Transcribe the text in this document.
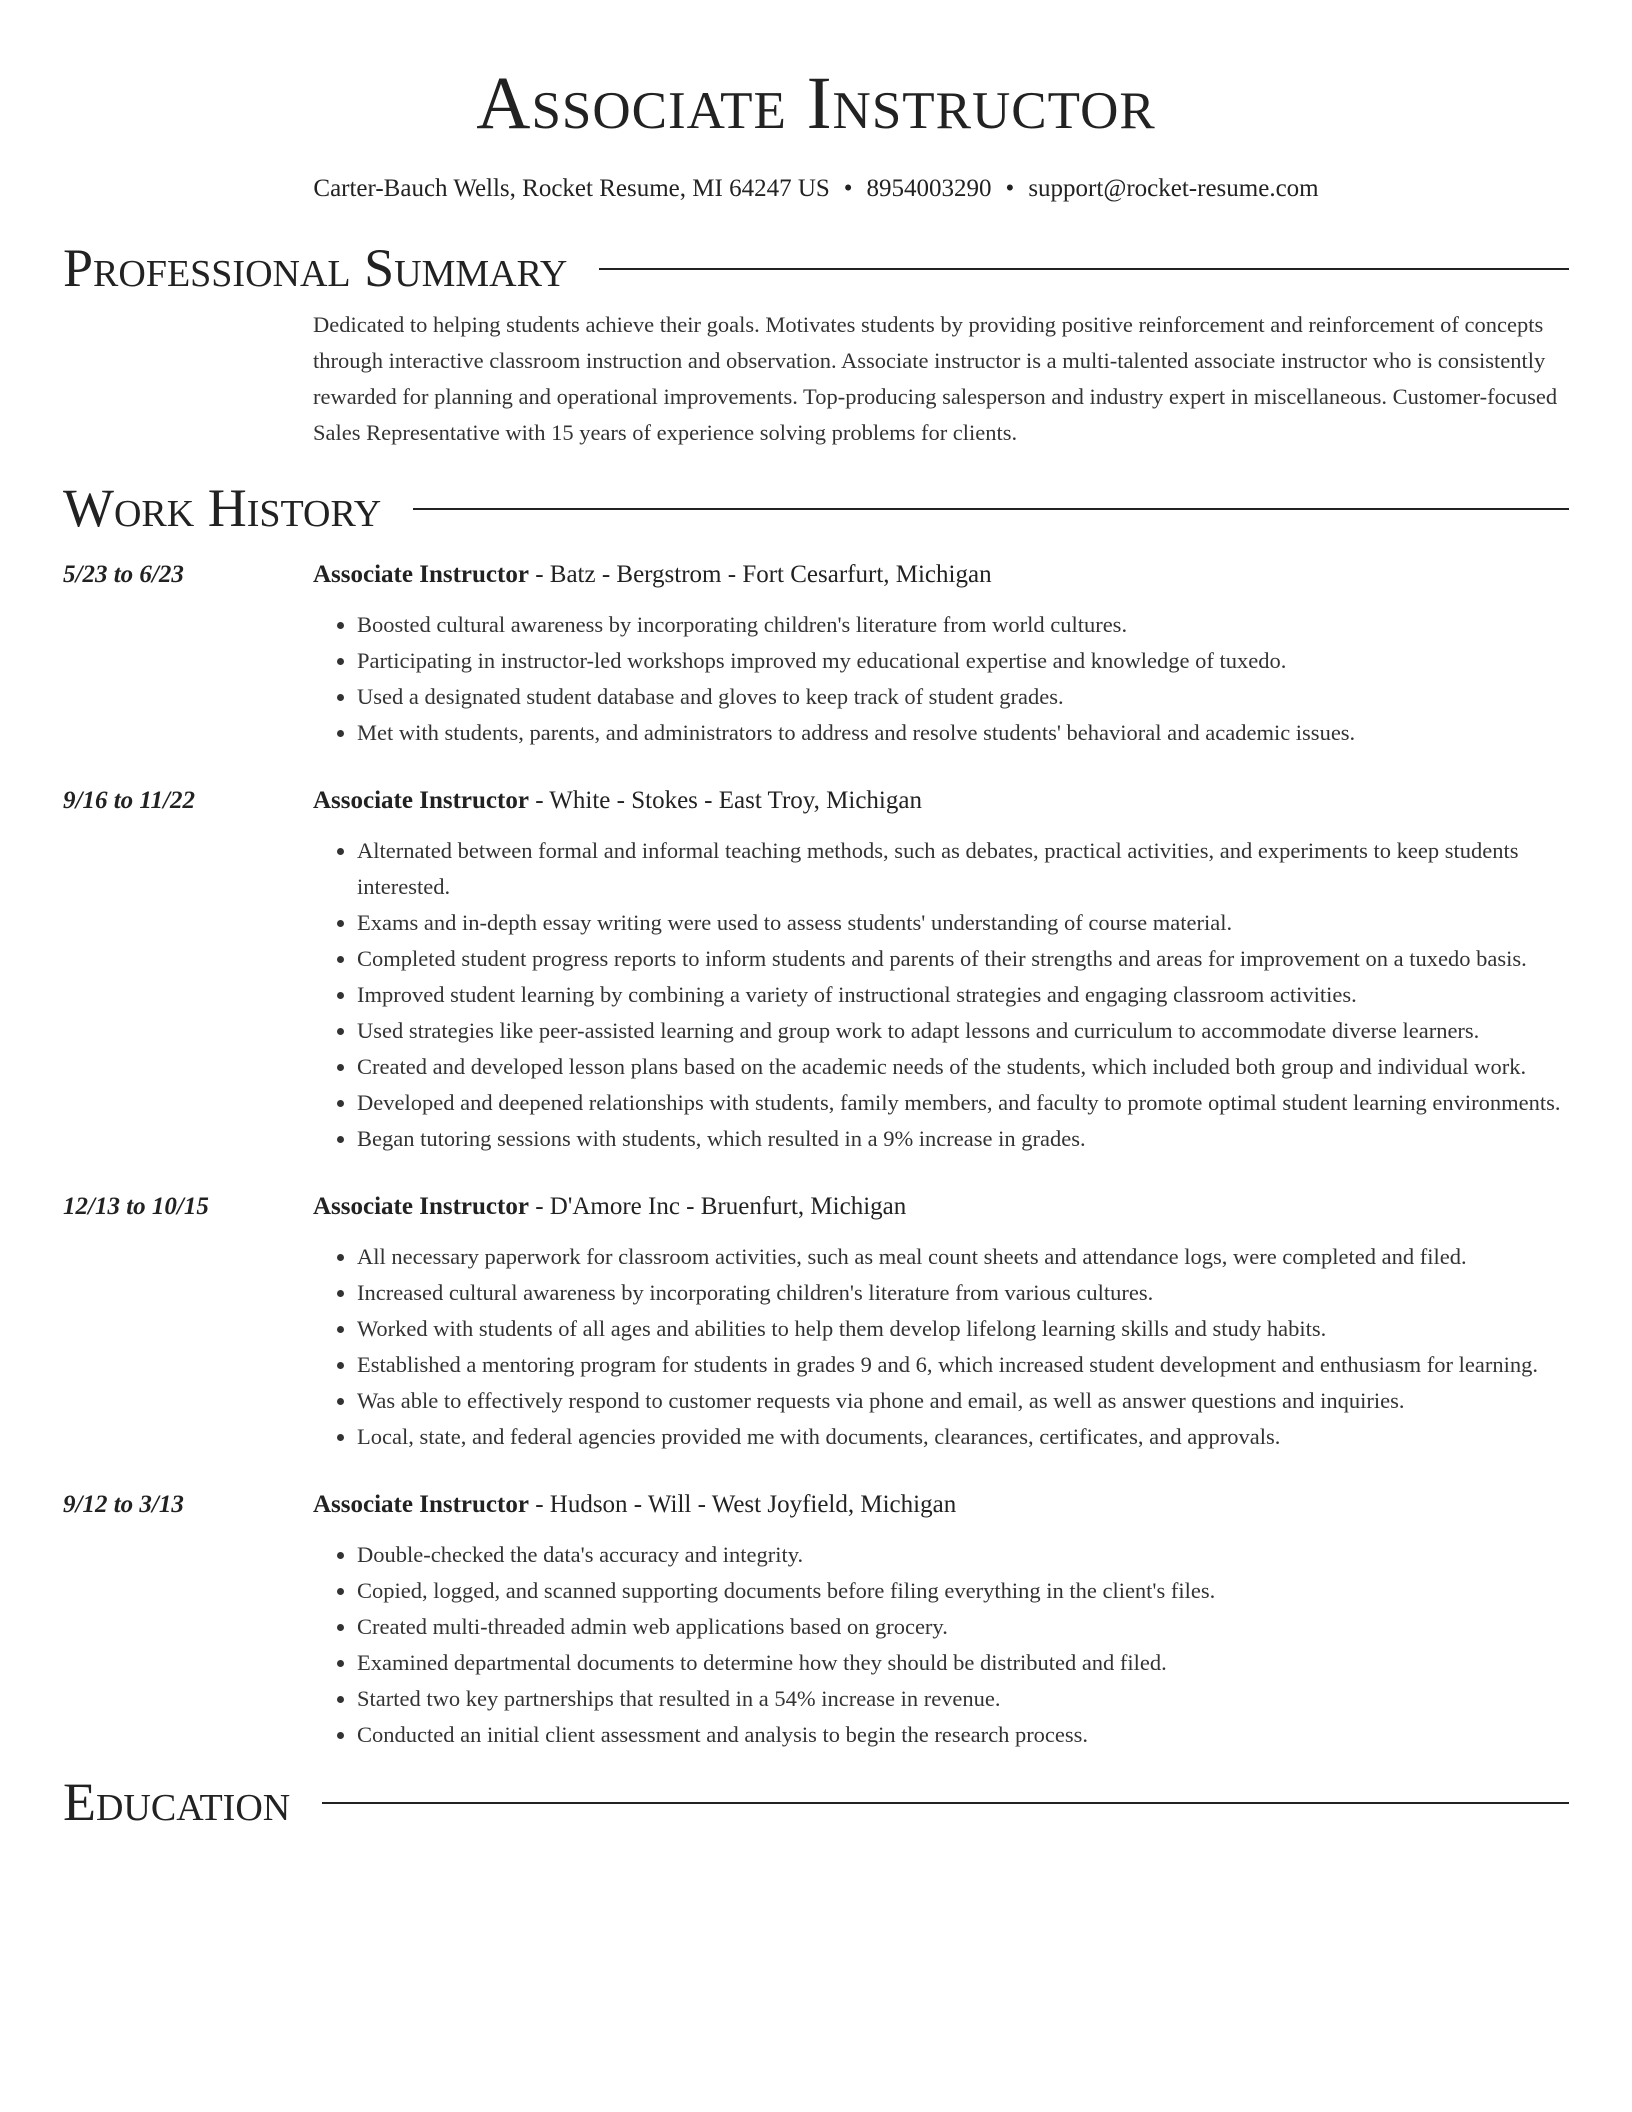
Associate Instructor
Carter-Bauch Wells, Rocket Resume, MI 64247 US • 8954003290 • support@rocket-resume.com
Professional Summary
Dedicated to helping students achieve their goals. Motivates students by providing positive reinforcement and reinforcement of concepts through interactive classroom instruction and observation. Associate instructor is a multi-talented associate instructor who is consistently rewarded for planning and operational improvements. Top-producing salesperson and industry expert in miscellaneous. Customer-focused Sales Representative with 15 years of experience solving problems for clients.
Work History
5/23 to 6/23	Associate Instructor - Batz - Bergstrom - Fort Cesarfurt, Michigan
• Boosted cultural awareness by incorporating children's literature from world cultures.
• Participating in instructor-led workshops improved my educational expertise and knowledge of tuxedo.
• Used a designated student database and gloves to keep track of student grades.
• Met with students, parents, and administrators to address and resolve students' behavioral and academic issues.
9/16 to 11/22	Associate Instructor - White - Stokes - East Troy, Michigan
• Alternated between formal and informal teaching methods, such as debates, practical activities, and experiments to keep students interested.
• Exams and in-depth essay writing were used to assess students' understanding of course material.
• Completed student progress reports to inform students and parents of their strengths and areas for improvement on a tuxedo basis.
• Improved student learning by combining a variety of instructional strategies and engaging classroom activities.
• Used strategies like peer-assisted learning and group work to adapt lessons and curriculum to accommodate diverse learners.
• Created and developed lesson plans based on the academic needs of the students, which included both group and individual work.
• Developed and deepened relationships with students, family members, and faculty to promote optimal student learning environments.
• Began tutoring sessions with students, which resulted in a 9% increase in grades.
12/13 to 10/15	Associate Instructor - D'Amore Inc - Bruenfurt, Michigan
• All necessary paperwork for classroom activities, such as meal count sheets and attendance logs, were completed and filed.
• Increased cultural awareness by incorporating children's literature from various cultures.
• Worked with students of all ages and abilities to help them develop lifelong learning skills and study habits.
• Established a mentoring program for students in grades 9 and 6, which increased student development and enthusiasm for learning.
• Was able to effectively respond to customer requests via phone and email, as well as answer questions and inquiries.
• Local, state, and federal agencies provided me with documents, clearances, certificates, and approvals.
9/12 to 3/13	Associate Instructor - Hudson - Will - West Joyfield, Michigan
• Double-checked the data's accuracy and integrity.
• Copied, logged, and scanned supporting documents before filing everything in the client's files.
• Created multi-threaded admin web applications based on grocery.
• Examined departmental documents to determine how they should be distributed and filed.
• Started two key partnerships that resulted in a 54% increase in revenue.
• Conducted an initial client assessment and analysis to begin the research process.
Education
